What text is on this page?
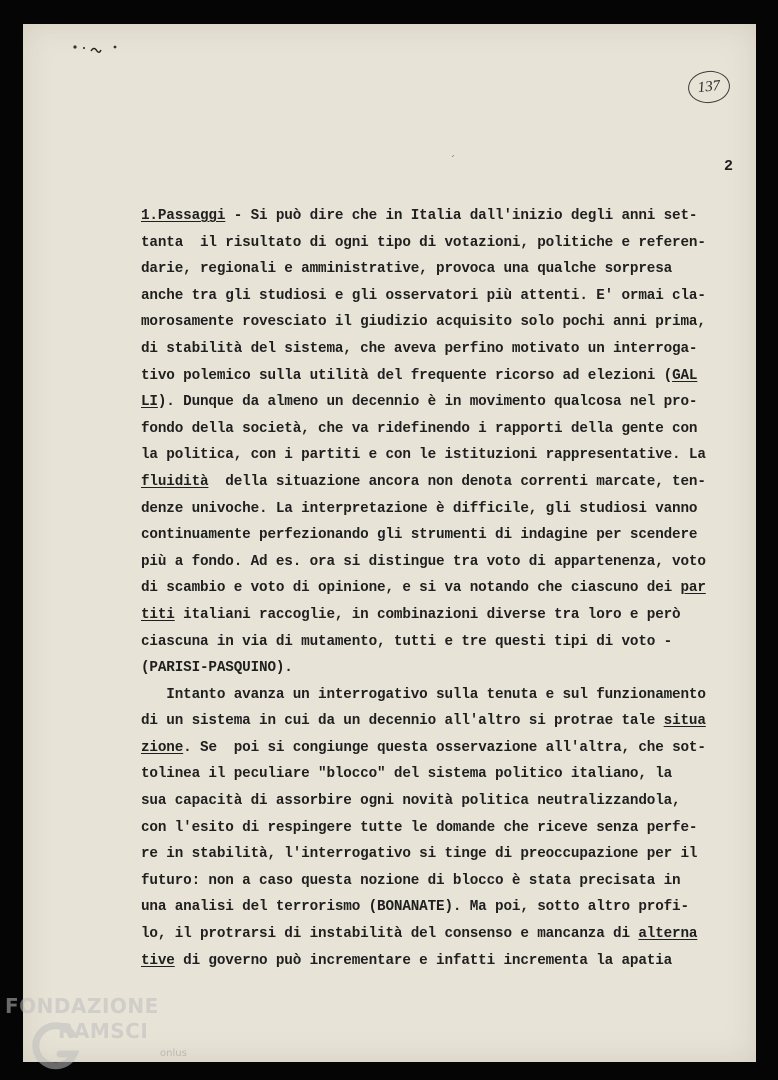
137
´	2
1.Passaggi - Si può dire che in Italia dall'inizio degli anni set-
tanta  il risultato di ogni tipo di votazioni, politiche e referen-
darie, regionali e amministrative, provoca una qualche sorpresa
anche tra gli studiosi e gli osservatori più attenti. E' ormai cla-
morosamente rovesciato il giudizio acquisito solo pochi anni prima,
di stabilità del sistema, che aveva perfino motivato un interroga-
tivo polemico sulla utilità del frequente ricorso ad elezioni (GAL
LI). Dunque da almeno un decennio è in movimento qualcosa nel pro-
fondo della società, che va ridefinendo i rapporti della gente con
la politica, con i partiti e con le istituzioni rappresentative. La
fluidità  della situazione ancora non denota correnti marcate, ten-
denze univoche. La interpretazione è difficile, gli studiosi vanno
continuamente perfezionando gli strumenti di indagine per scendere
più a fondo. Ad es. ora si distingue tra voto di appartenenza, voto
di scambio e voto di opinione, e si va notando che ciascuno dei par
titi italiani raccoglie, in combinazioni diverse tra loro e però
ciascuna in via di mutamento, tutti e tre questi tipi di voto -
(PARISI-PASQUINO).
Intanto avanza un interrogativo sulla tenuta e sul funzionamento
di un sistema in cui da un decennio all'altro si protrae tale situa
zione. Se  poi si congiunge questa osservazione all'altra, che sot-
tolinea il peculiare "blocco" del sistema politico italiano, la
sua capacità di assorbire ogni novità politica neutralizzandola,
con l'esito di respingere tutte le domande che riceve senza perfe-
re in stabilità, l'interrogativo si tinge di preoccupazione per il
futuro: non a caso questa nozione di blocco è stata precisata in
una analisi del terrorismo (BONANATE). Ma poi, sotto altro profi-
lo, il protrarsi di instabilità del consenso e mancanza di alterna
tive di governo può incrementare e infatti incrementa la apatia
FONDAZIONE
RAMSCI
onlus
